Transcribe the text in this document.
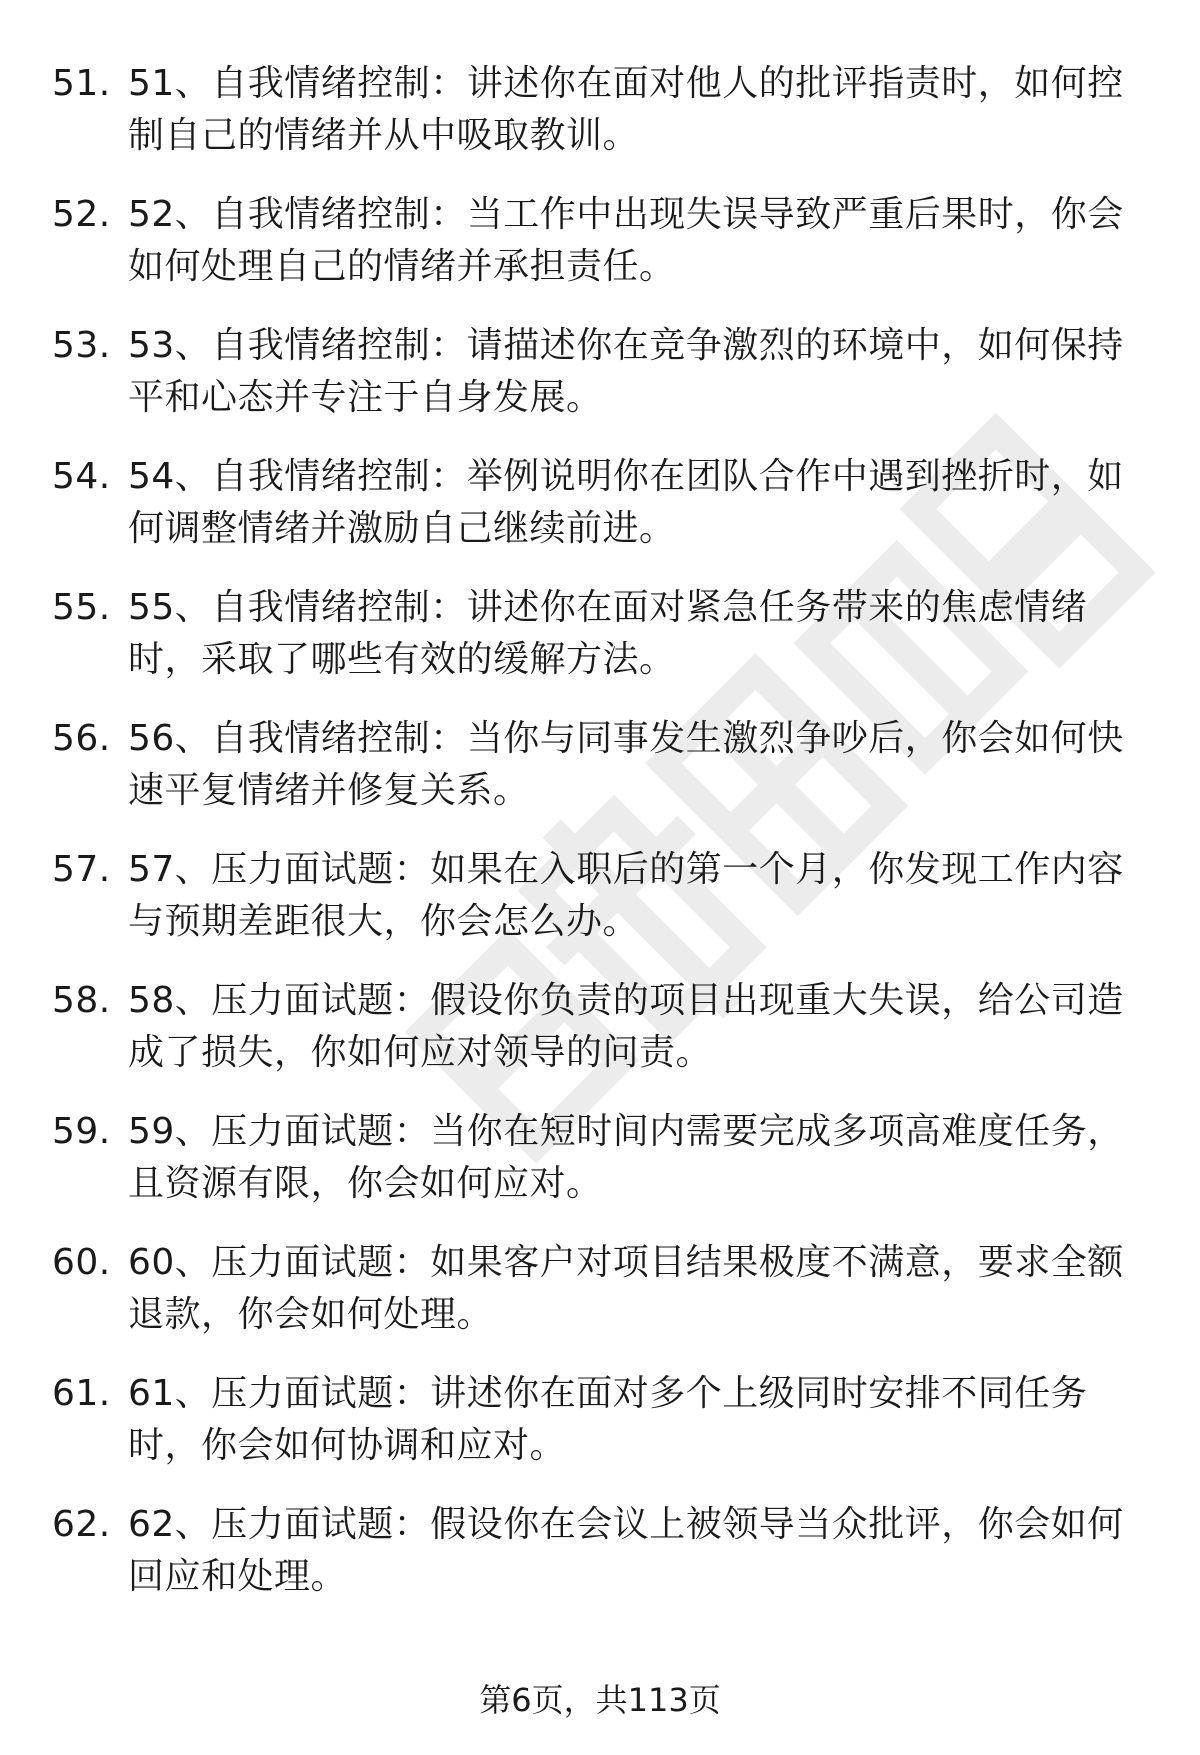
51. 51、自我情绪控制：讲述你在面对他人的批评指责时，如何控制自己的情绪并从中吸取教训。
52. 52、自我情绪控制：当工作中出现失误导致严重后果时，你会如何处理自己的情绪并承担责任。
53. 53、自我情绪控制：请描述你在竞争激烈的环境中，如何保持平和心态并专注于自身发展。
54. 54、自我情绪控制：举例说明你在团队合作中遇到挫折时，如何调整情绪并激励自己继续前进。
55. 55、自我情绪控制：讲述你在面对紧急任务带来的焦虑情绪时，采取了哪些有效的缓解方法。
56. 56、自我情绪控制：当你与同事发生激烈争吵后，你会如何快速平复情绪并修复关系。
57. 57、压力面试题：如果在入职后的第一个月，你发现工作内容与预期差距很大，你会怎么办。
58. 58、压力面试题：假设你负责的项目出现重大失误，给公司造成了损失，你如何应对领导的问责。
59. 59、压力面试题：当你在短时间内需要完成多项高难度任务，且资源有限，你会如何应对。
60. 60、压力面试题：如果客户对项目结果极度不满意，要求全额退款，你会如何处理。
61. 61、压力面试题：讲述你在面对多个上级同时安排不同任务时，你会如何协调和应对。
62. 62、压力面试题：假设你在会议上被领导当众批评，你会如何回应和处理。
第6页，共113页
